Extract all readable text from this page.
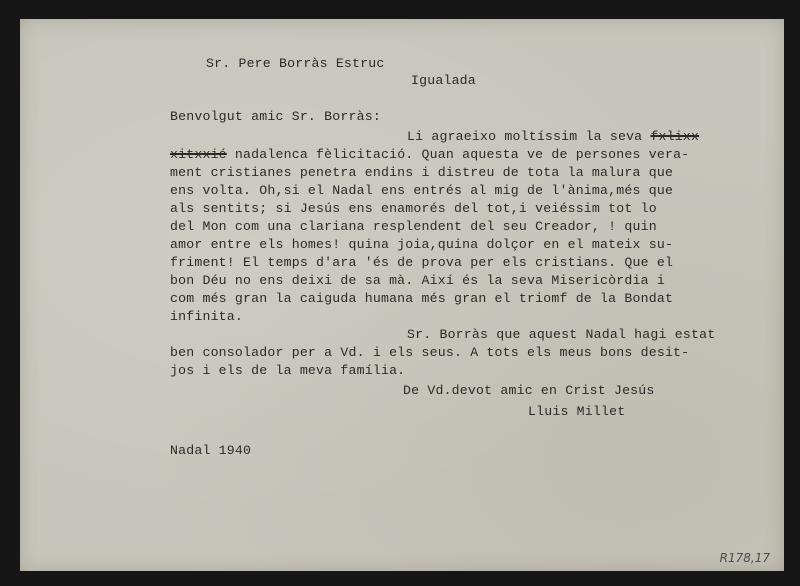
Sr. Pere Borràs Estruc
Igualada
Benvolgut amic Sr. Borràs:
Li agraeixo moltíssim la seva fxlixx
xitxxié nadalenca fèlicitació. Quan aquesta ve de persones vera-
ment cristianes penetra endins i distreu de tota la malura que
ens volta. Oh,si el Nadal ens entrés al mig de l'ànima,més que
als sentits; si Jesús ens enamorés del tot,i veiéssim tot lo
del Mon com una clariana resplendent del seu Creador, ! quin
amor entre els homes! quina joia,quina dolçor en el mateix su-
friment! El temps d'ara 'és de prova per els cristians. Que el
bon Déu no ens deixi de sa mà. Així és la seva Misericòrdia i
com més gran la caiguda humana més gran el triomf de la Bondat
infinita.
Sr. Borràs que aquest Nadal hagi estat
ben consolador per a Vd. i els seus. A tots els meus bons desit-
jos i els de la meva família.
De Vd.devot amic en Crist Jesús
Lluis Millet
Nadal 1940
R178,17
